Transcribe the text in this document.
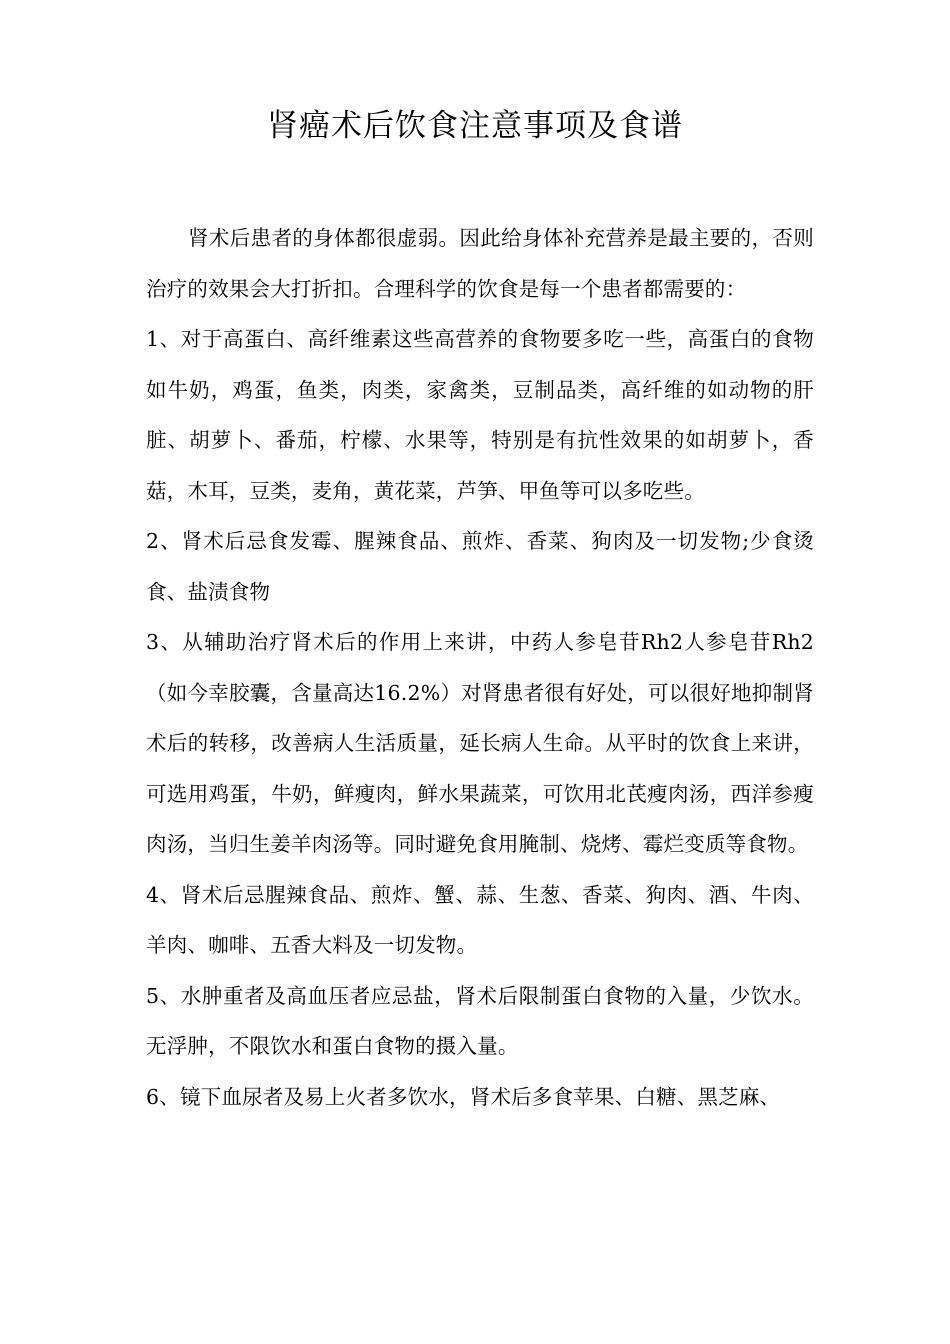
肾癌术后饮食注意事项及食谱

肾术后患者的身体都很虚弱。因此给身体补充营养是最主要的，否则治疗的效果会大打折扣。合理科学的饮食是每一个患者都需要的：

1、对于高蛋白、高纤维素这些高营养的食物要多吃一些，高蛋白的食物如牛奶，鸡蛋，鱼类，肉类，家禽类，豆制品类，高纤维的如动物的肝脏、胡萝卜、番茄，柠檬、水果等，特别是有抗性效果的如胡萝卜，香菇，木耳，豆类，麦角，黄花菜，芦笋、甲鱼等可以多吃些。

2、肾术后忌食发霉、腥辣食品、煎炸、香菜、狗肉及一切发物;少食烫食、盐渍食物

3、从辅助治疗肾术后的作用上来讲，中药人参皂苷Rh2人参皂苷Rh2（如今幸胶囊，含量高达16.2%）对肾患者很有好处，可以很好地抑制肾术后的转移，改善病人生活质量，延长病人生命。从平时的饮食上来讲，可选用鸡蛋，牛奶，鲜瘦肉，鲜水果蔬菜，可饮用北芪瘦肉汤，西洋参瘦肉汤，当归生姜羊肉汤等。同时避免食用腌制、烧烤、霉烂变质等食物。

4、肾术后忌腥辣食品、煎炸、蟹、蒜、生葱、香菜、狗肉、酒、牛肉、羊肉、咖啡、五香大料及一切发物。

5、水肿重者及高血压者应忌盐，肾术后限制蛋白食物的入量，少饮水。无浮肿，不限饮水和蛋白食物的摄入量。

6、镜下血尿者及易上火者多饮水，肾术后多食苹果、白糖、黑芝麻、
